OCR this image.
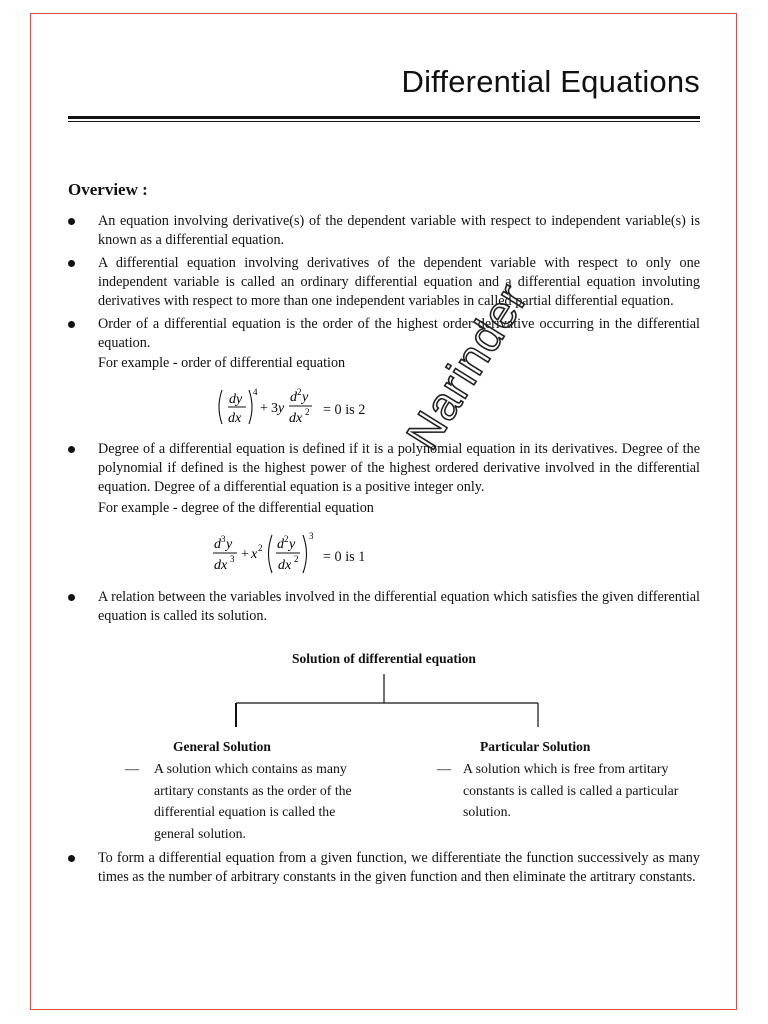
Differential Equations
Overview :
An equation involving derivative(s) of the dependent variable with respect to independent variable(s) is known as a differential equation.
A differential equation involving derivatives of the dependent variable with respect to only one independent variable is called an ordinary differential equation and a differential equation involuting derivatives with respect to more than one independent variables in called partial differential equation.
Order of a differential equation is the order of the highest order derivative occurring in the differential equation.
For example - order of differential equation
dy
dx
4
+ 3 y
d 2 y
dx 2 = 0 is 2
Degree of a differential equation is defined if it is a polynomial equation in its derivatives. Degree of the polynomial if defined is the highest power of the highest ordered derivative involved in the differential equation. Degree of a differential equation is a positive integer only.
For example - degree of the differential equation
d 3 y
dx 3 + x 2 d 2 y
dx 2
3
= 0 is 1
A relation between the variables involved in the differential equation which satisfies the given differential equation is called its solution.
Solution of differential equation
General Solution
— A solution which contains as many
artitary constants as the order of the
differential equation is called the
general solution.
Particular Solution
— A solution which is free from artitary
constants is called is called a particular
solution.
To form a differential equation from a given function, we differentiate the function successively as many times as the number of arbitrary constants in the given function and then eliminate the artitrary constants.
Narinder
